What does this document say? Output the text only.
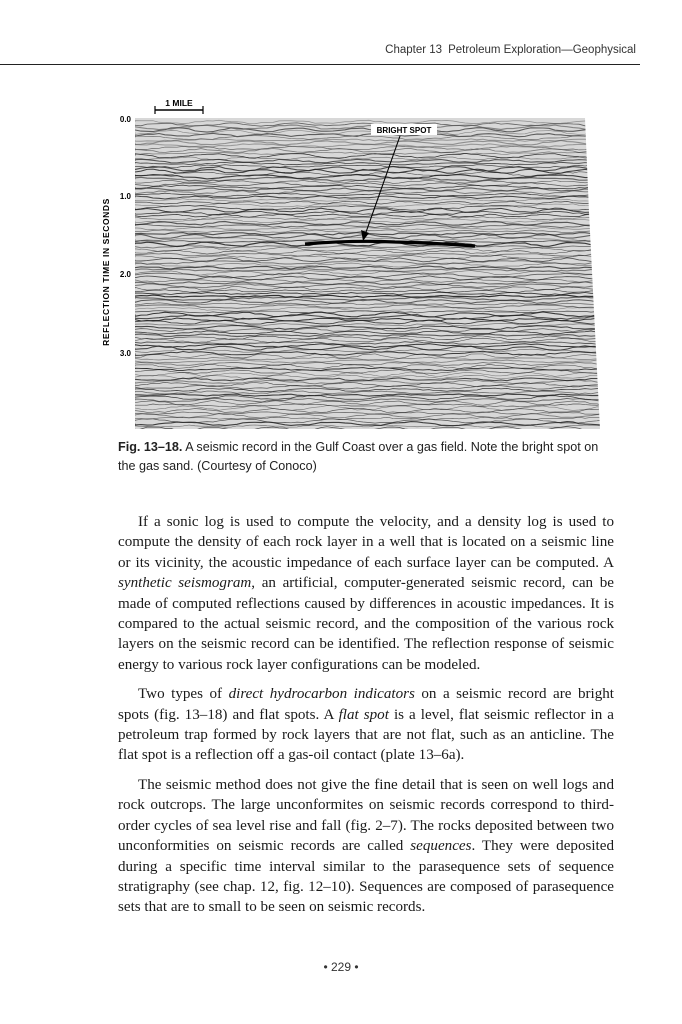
Chapter 13 Petroleum Exploration—Geophysical
1 MILE
0.0
1.0
2.0
3.0
REFLECTION TIME IN SECONDS
BRIGHT SPOT
Fig. 13–18. A seismic record in the Gulf Coast over a gas field. Note the bright spot on the gas sand. (Courtesy of Conoco)

If a sonic log is used to compute the velocity, and a density log is used to compute the density of each rock layer in a well that is located on a seismic line or its vicinity, the acoustic impedance of each surface layer can be computed. A synthetic seismogram, an artificial, computer-generated seismic record, can be made of computed reflections caused by differences in acoustic impedances. It is compared to the actual seismic record, and the composition of the various rock layers on the seismic record can be identified. The reflection response of seismic energy to various rock layer configurations can be modeled.

Two types of direct hydrocarbon indicators on a seismic record are bright spots (fig. 13–18) and flat spots. A flat spot is a level, flat seismic reflector in a petroleum trap formed by rock layers that are not flat, such as an anticline. The flat spot is a reflection off a gas-oil contact (plate 13–6a).

The seismic method does not give the fine detail that is seen on well logs and rock outcrops. The large unconformites on seismic records correspond to third-order cycles of sea level rise and fall (fig. 2–7). The rocks deposited between two unconformities on seismic records are called sequences. They were deposited during a specific time interval similar to the parasequence sets of sequence stratigraphy (see chap. 12, fig. 12–10). Sequences are composed of parasequence sets that are to small to be seen on seismic records.

• 229 •
